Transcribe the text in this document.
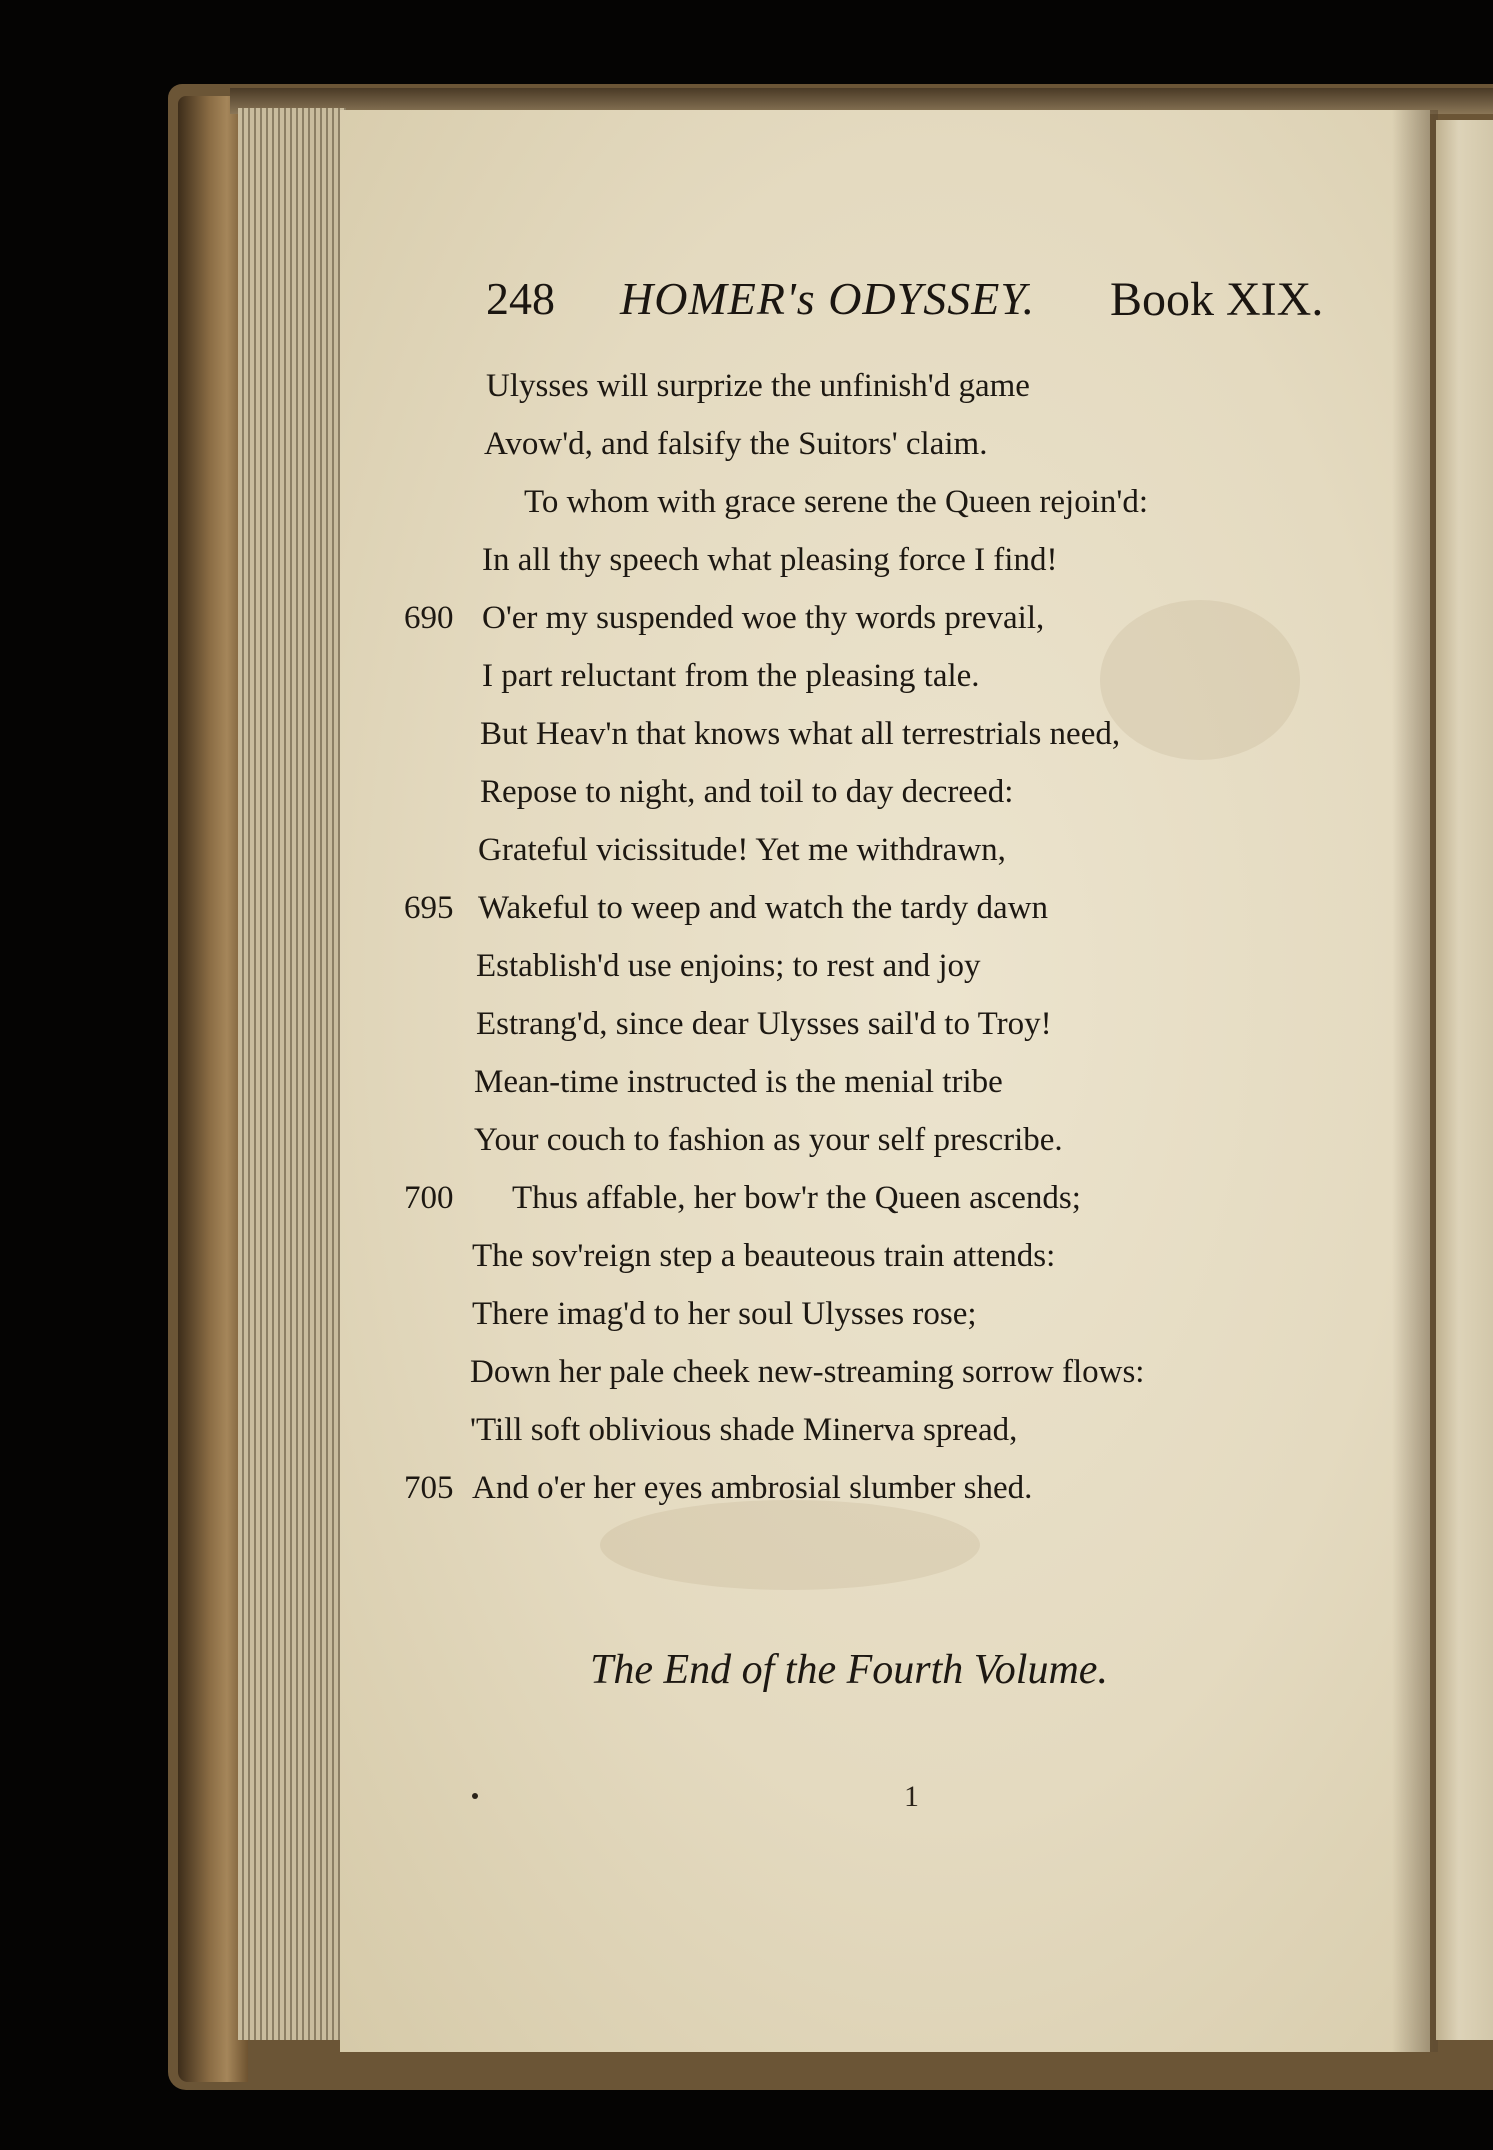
248 HOMER's ODYSSEY. Book XIX.
Ulysses will surprize the unfinish'd game
Avow'd, and falsify the Suitors' claim.
To whom with grace serene the Queen rejoin'd:
In all thy speech what pleasing force I find!
690 O'er my suspended woe thy words prevail,
I part reluctant from the pleasing tale.
But Heav'n that knows what all terrestrials need,
Repose to night, and toil to day decreed:
Grateful vicissitude! Yet me withdrawn,
695 Wakeful to weep and watch the tardy dawn
Establish'd use enjoins; to rest and joy
Estrang'd, since dear Ulysses sail'd to Troy!
Mean-time instructed is the menial tribe
Your couch to fashion as your self prescribe.
700 Thus affable, her bow'r the Queen ascends;
The sov'reign step a beauteous train attends:
There imag'd to her soul Ulysses rose;
Down her pale cheek new-streaming sorrow flows:
'Till soft oblivious shade Minerva spread,
705 And o'er her eyes ambrosial slumber shed.
The End of the Fourth Volume.
1
